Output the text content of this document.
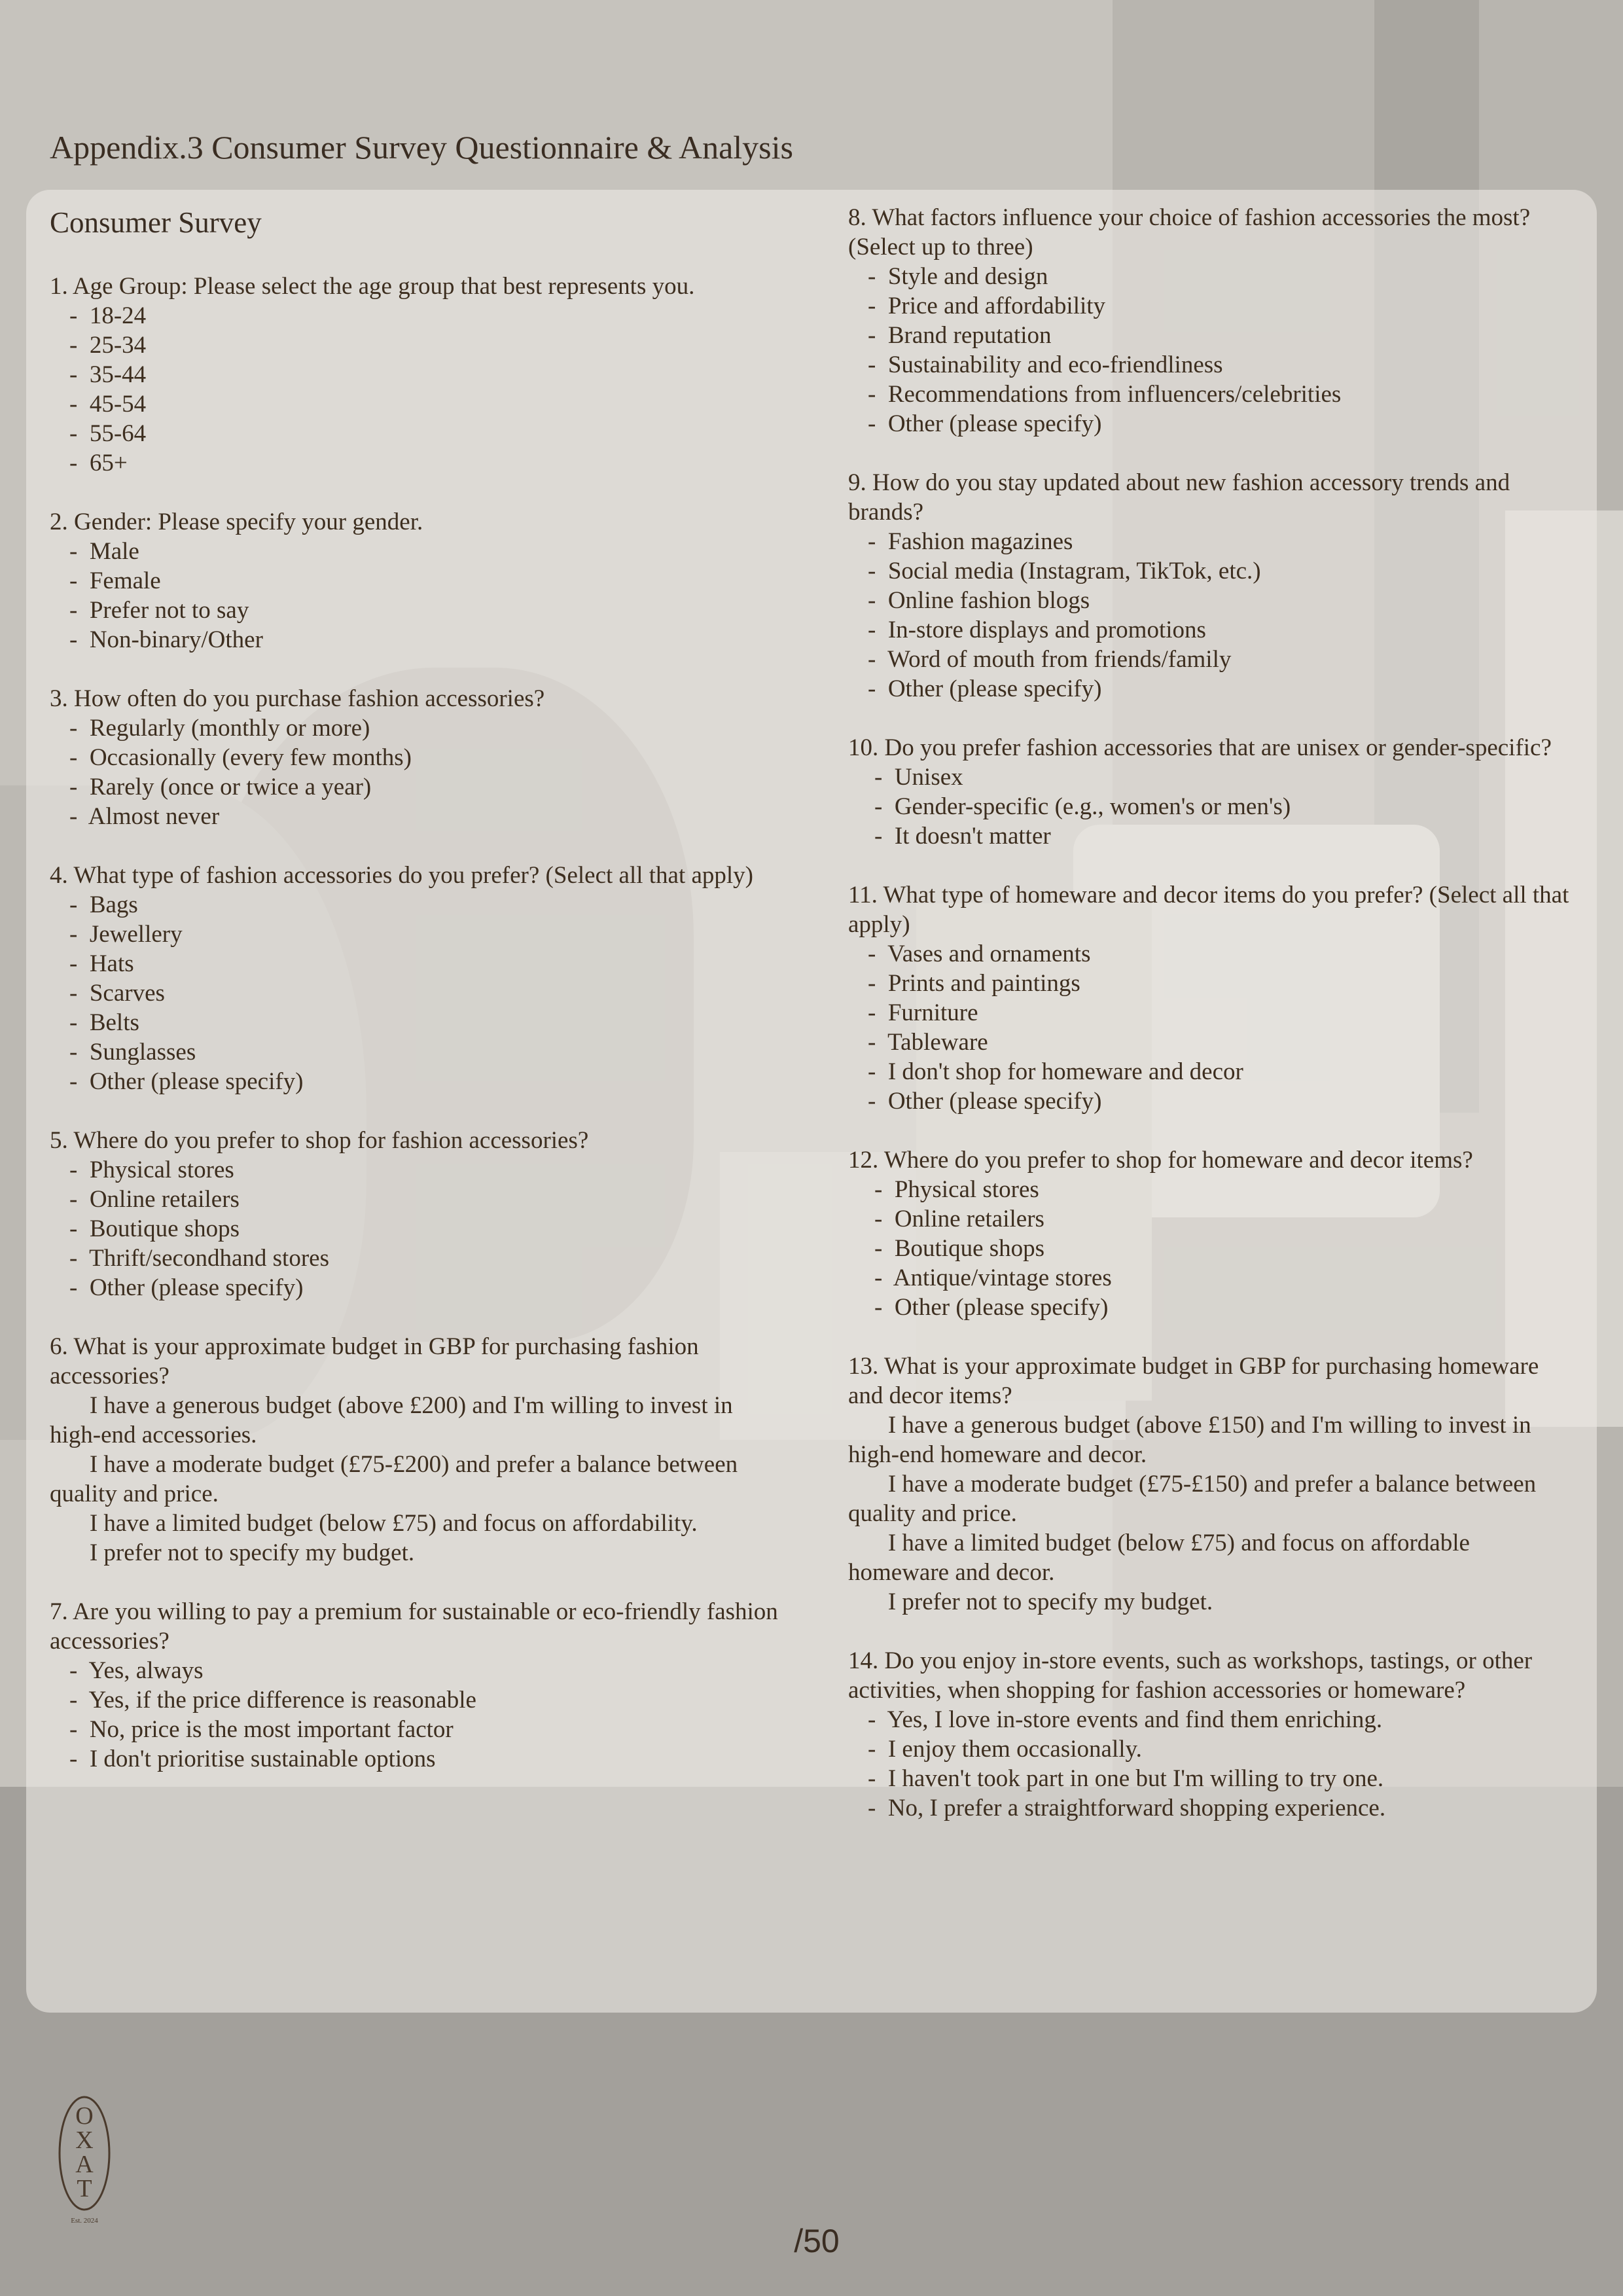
Appendix.3 Consumer Survey Questionnaire & Analysis
Consumer Survey

1. Age Group: Please select the age group that best represents you.

- 18-24
- 25-34
- 35-44
- 45-54
- 55-64
- 65+

2. Gender: Please specify your gender.

- Male
- Female
- Prefer not to say
- Non-binary/Other

3. How often do you purchase fashion accessories?

- Regularly (monthly or more)
- Occasionally (every few months)
- Rarely (once or twice a year)
- Almost never

4. What type of fashion accessories do you prefer? (Select all that apply)

- Bags
- Jewellery
- Hats
- Scarves
- Belts
- Sunglasses
- Other (please specify)

5. Where do you prefer to shop for fashion accessories?

- Physical stores
- Online retailers
- Boutique shops
- Thrift/secondhand stores
- Other (please specify)

6. What is your approximate budget in GBP for purchasing fashion accessories?

- I have a generous budget (above £200) and I'm willing to invest in high-end accessories.
- I have a moderate budget (£75-£200) and prefer a balance between quality and price.
- I have a limited budget (below £75) and focus on affordability.
- I prefer not to specify my budget.

7. Are you willing to pay a premium for sustainable or eco-friendly fashion accessories?

- Yes, always
- Yes, if the price difference is reasonable
- No, price is the most important factor
- I don't prioritise sustainable options

8. What factors influence your choice of fashion accessories the most? (Select up to three)

- Style and design
- Price and affordability
- Brand reputation
- Sustainability and eco-friendliness
- Recommendations from influencers/celebrities
- Other (please specify)

9. How do you stay updated about new fashion accessory trends and brands?

- Fashion magazines
- Social media (Instagram, TikTok, etc.)
- Online fashion blogs
- In-store displays and promotions
- Word of mouth from friends/family
- Other (please specify)

10. Do you prefer fashion accessories that are unisex or gender-specific?

- Unisex
- Gender-specific (e.g., women's or men's)
- It doesn't matter

11. What type of homeware and decor items do you prefer? (Select all that apply)

- Vases and ornaments
- Prints and paintings
- Furniture
- Tableware
- I don't shop for homeware and decor
- Other (please specify)

12. Where do you prefer to shop for homeware and decor items?

- Physical stores
- Online retailers
- Boutique shops
- Antique/vintage stores
- Other (please specify)

13. What is your approximate budget in GBP for purchasing homeware and decor items?

- I have a generous budget (above £150) and I'm willing to invest in high-end homeware and decor.
- I have a moderate budget (£75-£150) and prefer a balance between quality and price.
- I have a limited budget (below £75) and focus on affordable homeware and decor.
- I prefer not to specify my budget.

14. Do you enjoy in-store events, such as workshops, tastings, or other activities, when shopping for fashion accessories or homeware?

- Yes, I love in-store events and find them enriching.
- I enjoy them occasionally.
- I haven't took part in one but I'm willing to try one.
- No, I prefer a straightforward shopping experience.
O
X
A
T
Est. 2024
/50
